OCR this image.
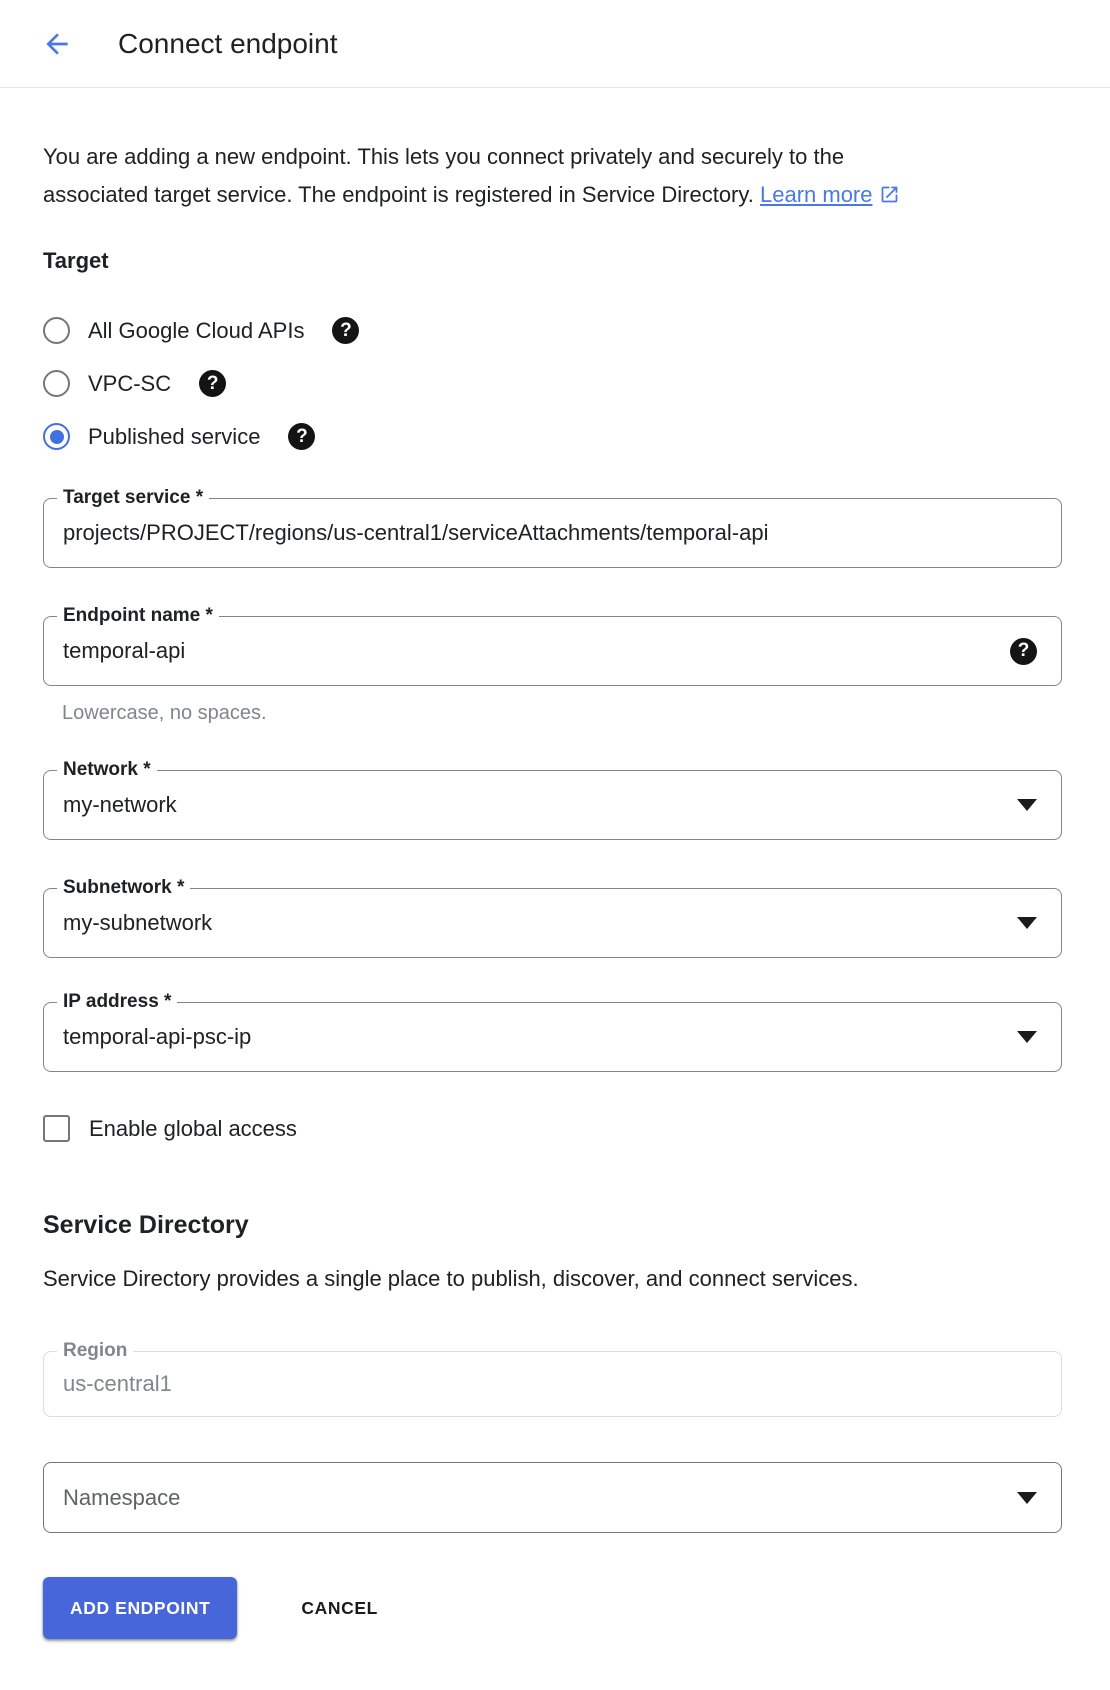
Connect endpoint

You are adding a new endpoint. This lets you connect privately and securely to the
associated target service. The endpoint is registered in Service Directory. Learn more

Target
All Google Cloud APIs	?
VPC-SC	?
Published service	?
Target service *
projects/PROJECT/regions/us-central1/serviceAttachments/temporal-api
Endpoint name *
temporal-api	?
Lowercase, no spaces.
Network *
my-network
Subnetwork *
my-subnetwork
IP address *
temporal-api-psc-ip
Enable global access
Service Directory

Service Directory provides a single place to publish, discover, and connect services.

Region
us-central1
Namespace
ADD ENDPOINT	CANCEL
